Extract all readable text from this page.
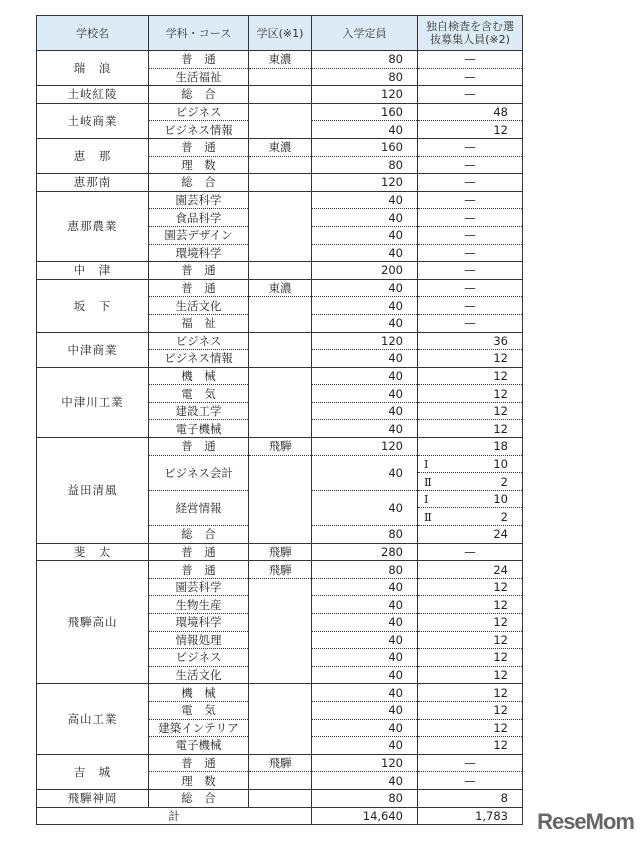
学校名	学科・コース	学区(※1)	入学定員	独自検査を含む選抜募集人員(※2)
瑞　浪	普　通	東濃	80	—
	生活福祉		80	—
土岐紅陵	総　合		120	—
土岐商業	ビジネス		160	48
	ビジネス情報		40	12
恵　那	普　通	東濃	160	—
	理　数		80	—
恵那南	総　合		120	—
恵那農業	園芸科学		40	—
	食品科学		40	—
	園芸デザイン		40	—
	環境科学		40	—
中　津	普　通		200	—
坂　下	普　通	東濃	40	—
	生活文化		40	—
	福　祉		40	—
中津商業	ビジネス		120	36
	ビジネス情報		40	12
中津川工業	機　械		40	12
	電　気		40	12
	建設工学		40	12
	電子機械		40	12
益田清風	普　通	飛騨	120	18
	ビジネス会計		40	Ⅰ 10

				Ⅱ 2
	経営情報		40	Ⅰ 10

				Ⅱ 2
	総　合		80	24
斐　太	普　通	飛騨	280	—
飛騨高山	普　通	飛騨	80	24
	園芸科学		40	12
	生物生産		40	12
	環境科学		40	12
	情報処理		40	12
	ビジネス		40	12
	生活文化		40	12
高山工業	機　械		40	12
	電　気		40	12
	建築インテリア		40	12
	電子機械		40	12
吉　城	普　通	飛騨	120	—
	理　数		40	—
飛騨神岡	総　合		80	8
計			14,640	1,783 ReseMom
